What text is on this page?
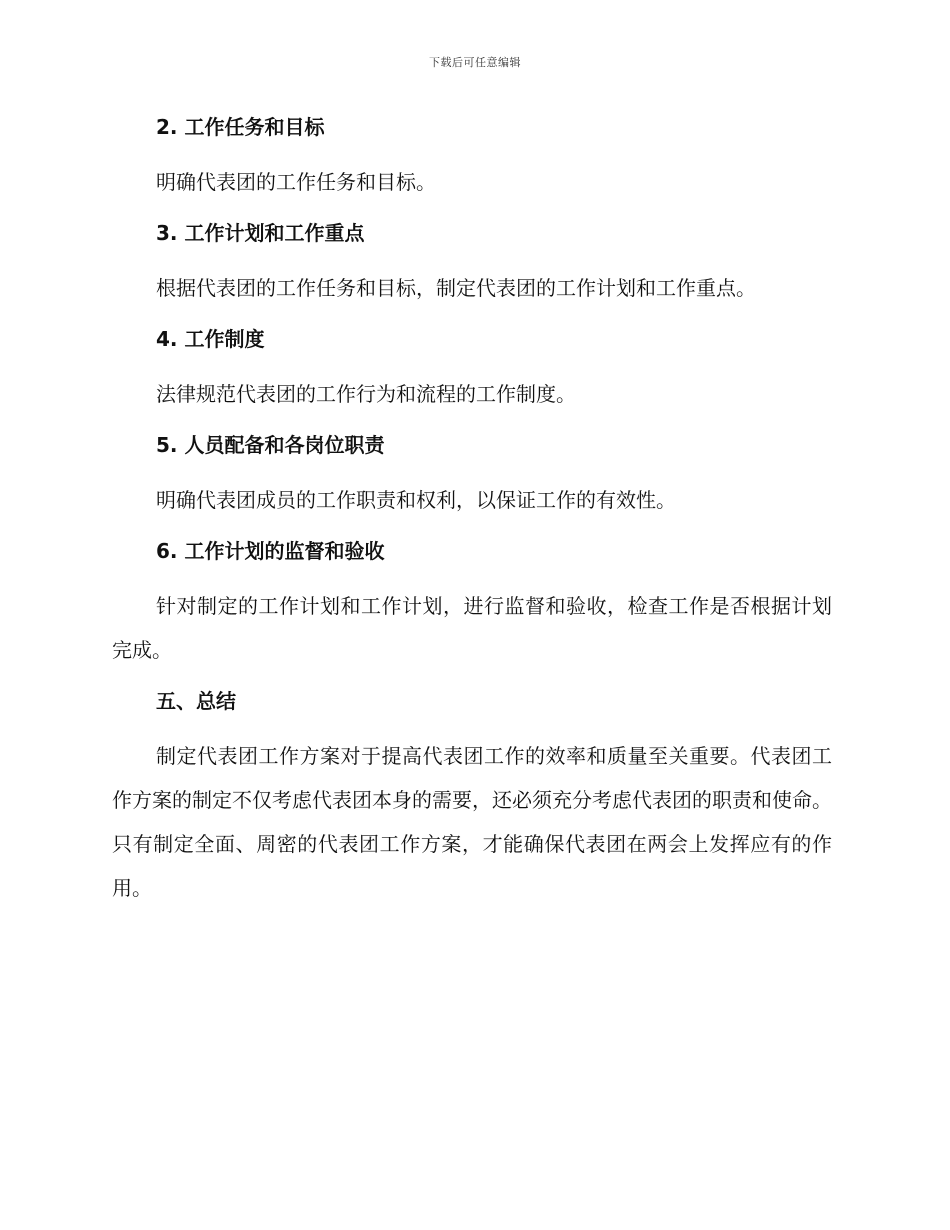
下载后可任意编辑
2. 工作任务和目标

明确代表团的工作任务和目标。

3. 工作计划和工作重点

根据代表团的工作任务和目标，制定代表团的工作计划和工作重点。

4. 工作制度

法律规范代表团的工作行为和流程的工作制度。

5. 人员配备和各岗位职责

明确代表团成员的工作职责和权利，以保证工作的有效性。

6. 工作计划的监督和验收

针对制定的工作计划和工作计划，进行监督和验收，检查工作是否根据计划完成。

五、总结

制定代表团工作方案对于提高代表团工作的效率和质量至关重要。代表团工作方案的制定不仅考虑代表团本身的需要，还必须充分考虑代表团的职责和使命。只有制定全面、周密的代表团工作方案，才能确保代表团在两会上发挥应有的作用。
